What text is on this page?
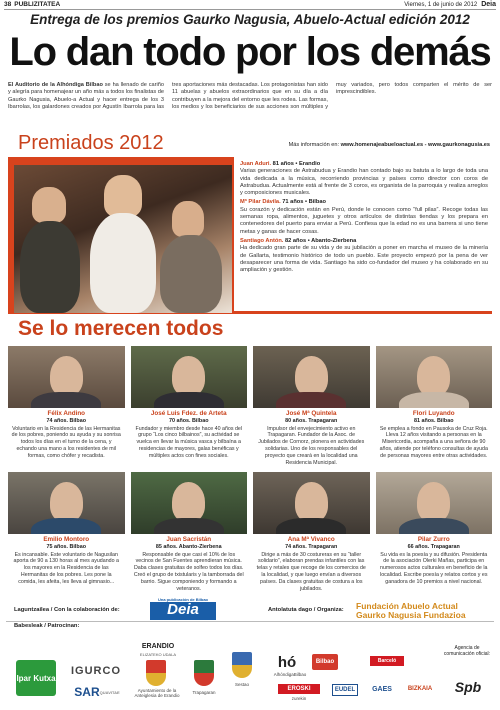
38 PUBLIZITATEA	Viernes, 1 de junio de 2012 Deia
Entrega de los premios Gaurko Nagusia, Abuelo-Actual edición 2012
Lo dan todo por los demás
El Auditorio de la Alhóndiga Bilbao se ha llenado de cariño y alegría para homenajear un año más a todos los finalistas de Gaurko Nagusia, Abuelo-a Actual y hacer entrega de los 3 Ibarrolas, los galardones creados por Agustín Ibarrola para las tres aportaciones más destacadas. Los protagonistas han sido 11 abuelas y abuelos extraordinarios que en su día a día contribuyen a la mejora del entorno que les rodea. Las formas, los medios y los beneficiarios de sus acciones son múltiples y muy variados, pero todos comparten el mérito de ser imprescindibles.
Premiados 2012	Más información en: www.homenajeabueloactual.es - www.gaurkonagusia.es

Juan Aduri. 81 años • Erandio
Varias generaciones de Astrabudua y Erandio han contado bajo su batuta a lo largo de toda una vida dedicada a la música, recorriendo provincias y países como director con coros de Astrabudua. Actualmente está al frente de 3 coros, es organista de la parroquia y realiza arreglos y composiciones musicales.

Mª Pilar Dávila. 71 años • Bilbao
Su corazón y dedicación están en Perú, donde le conocen como “full pilas”. Recoge todas las semanas ropa, alimentos, juguetes y otros artículos de distintas tiendas y los prepara en contenedores del puerto para enviar a Perú. Confiesa que la edad no es una barrera si uno tiene metas y ganas de hacer cosas.

Santiago Antón. 82 años • Abanto-Zierbena
Ha dedicado gran parte de su vida y de su jubilación a poner en marcha el museo de la minería de Gallarta, testimonio histórico de todo un pueblo. Este proyecto empezó por la pena de ver desaparecer una forma de vida. Santiago ha sido co-fundador del museo y ha colaborado en su ampliación y gestión.

Se lo merecen todos
Félix Andino
74 años. Bilbao
Voluntario en la Residencia de las Hermanitas de los pobres, poniendo su ayuda y su sonrisa todos los días en el turno de la cena, y echando una mano a los residentes de mil formas, como chófer y recadista.
José Luis Fdez. de Arteta
70 años. Bilbao
Fundador y miembro desde hace 40 años del grupo “Los cinco bilbainos”, su actividad se vuelca en llevar la música vasca y bilbaína a residencias de mayores, galas benéficas y múltiples actos con fines sociales.
José Mª Quintela
80 años. Trapagaran
Impulsor del envejecimiento activo en Trapagaran. Fundador de la Asoc. de Jubilados de Cornorz, pionera en actividades solidarias. Uno de los responsables del proyecto que creará en la localidad una Residencia Municipal.
Flori Luyando
81 años. Bilbao
Se emplea a fondo en Pausoka de Cruz Roja. Lleva 12 años visitando a personas en la Misericordia, acompaña a una señora de 90 años, atiende por teléfono consultas de ayuda de personas mayores entre otras actividades.
Emilio Montoro
75 años. Bilbao
Es incansable. Este voluntario de Nagusilan aporta de 90 a 130 horas al mes ayudando a los mayores en la Residencia de las Hermanitas de los pobres. Les pone la comida, les afeita, les lleva al gimnasio...
Juan Sacristán
85 años. Abanto-Zierbena
Responsable de que casi el 10% de los vecinos de San Fuentes aprendieran música. Daba clases gratuitas de solfeo todos los días. Creó el grupo de txistularis y la tamborrada del barrio. Sigue componiendo y formando a veteranos.
Ana Mª Vivanco
74 años. Trapagaran
Dirige a más de 30 costureras en su “taller solidario”, elaboran prendas infantiles con las telas y retales que recoge de los comercios de la localidad, y que luego envían a diversos países. Da clases gratuitas de costura a los jubilados.
Pilar Zurro
66 años. Trapagaran
Su vida es la poesía y su difusión. Presidenta de la asociación Olerki Mañas, participa en numerosos actos culturales en beneficio de la localidad. Escribe poesía y relatos cortos y es ganadora de 10 premios a nivel nacional.
Laguntzailea / Con la colaboración de:
Una publicación de Bilbao
Deia	Antolatuta dago / Organiza: Fundación Abuelo Actual
Gaurko Nagusia Fundazioa
Babesleak / Patrocinan:
Ipar Kutxa
IGURCO
SAR QUAVITAE
ERANDIO
ELIZATEKO UDALA
Ayuntamiento de la Anteiglesia de Erandio
Trapagaran
Sestao
hó
AlhóndigaBilbao
Bilbao
EROSKI
zurekin
EUDEL	GAES	BIZKAIA
Barceló
Agencia de comunicación oficial:
Spb
